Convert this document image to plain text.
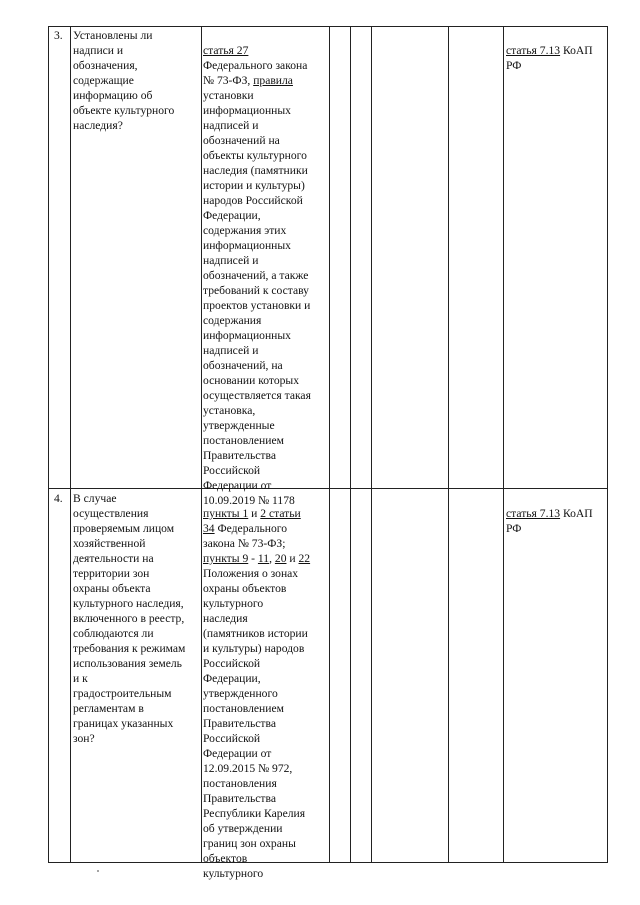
3. Установлены ли
надписи и
обозначения,
содержащие
информацию об
объекте культурного
наследия?

статья 27
Федерального закона
№ 73-ФЗ, правила
установки
информационных
надписей и
обозначений на
объекты культурного
наследия (памятники
истории и культуры)
народов Российской
Федерации,
содержания этих
информационных
надписей и
обозначений, а также
требований к составу
проектов установки и
содержания
информационных
надписей и
обозначений, на
основании которых
осуществляется такая
установка,
утвержденные
постановлением
Правительства
Российской
Федерации от
10.09.2019 № 1178

статья 7.13 КоАП
РФ

4. В случае
осуществления
проверяемым лицом
хозяйственной
деятельности на
территории зон
охраны объекта
культурного наследия,
включенного в реестр,
соблюдаются ли
требования к режимам
использования земель
и к
градостроительным
регламентам в
границах указанных
зон?

пункты 1 и 2 статьи
34 Федерального
закона № 73-ФЗ;
пункты 9 - 11, 20 и 22
Положения о зонах
охраны объектов
культурного
наследия
(памятников истории
и культуры) народов
Российской
Федерации,
утвержденного
постановлением
Правительства
Российской
Федерации от
12.09.2015 № 972,
постановления
Правительства
Республики Карелия
об утверждении
границ зон охраны
объектов
культурного

статья 7.13 КоАП
РФ
